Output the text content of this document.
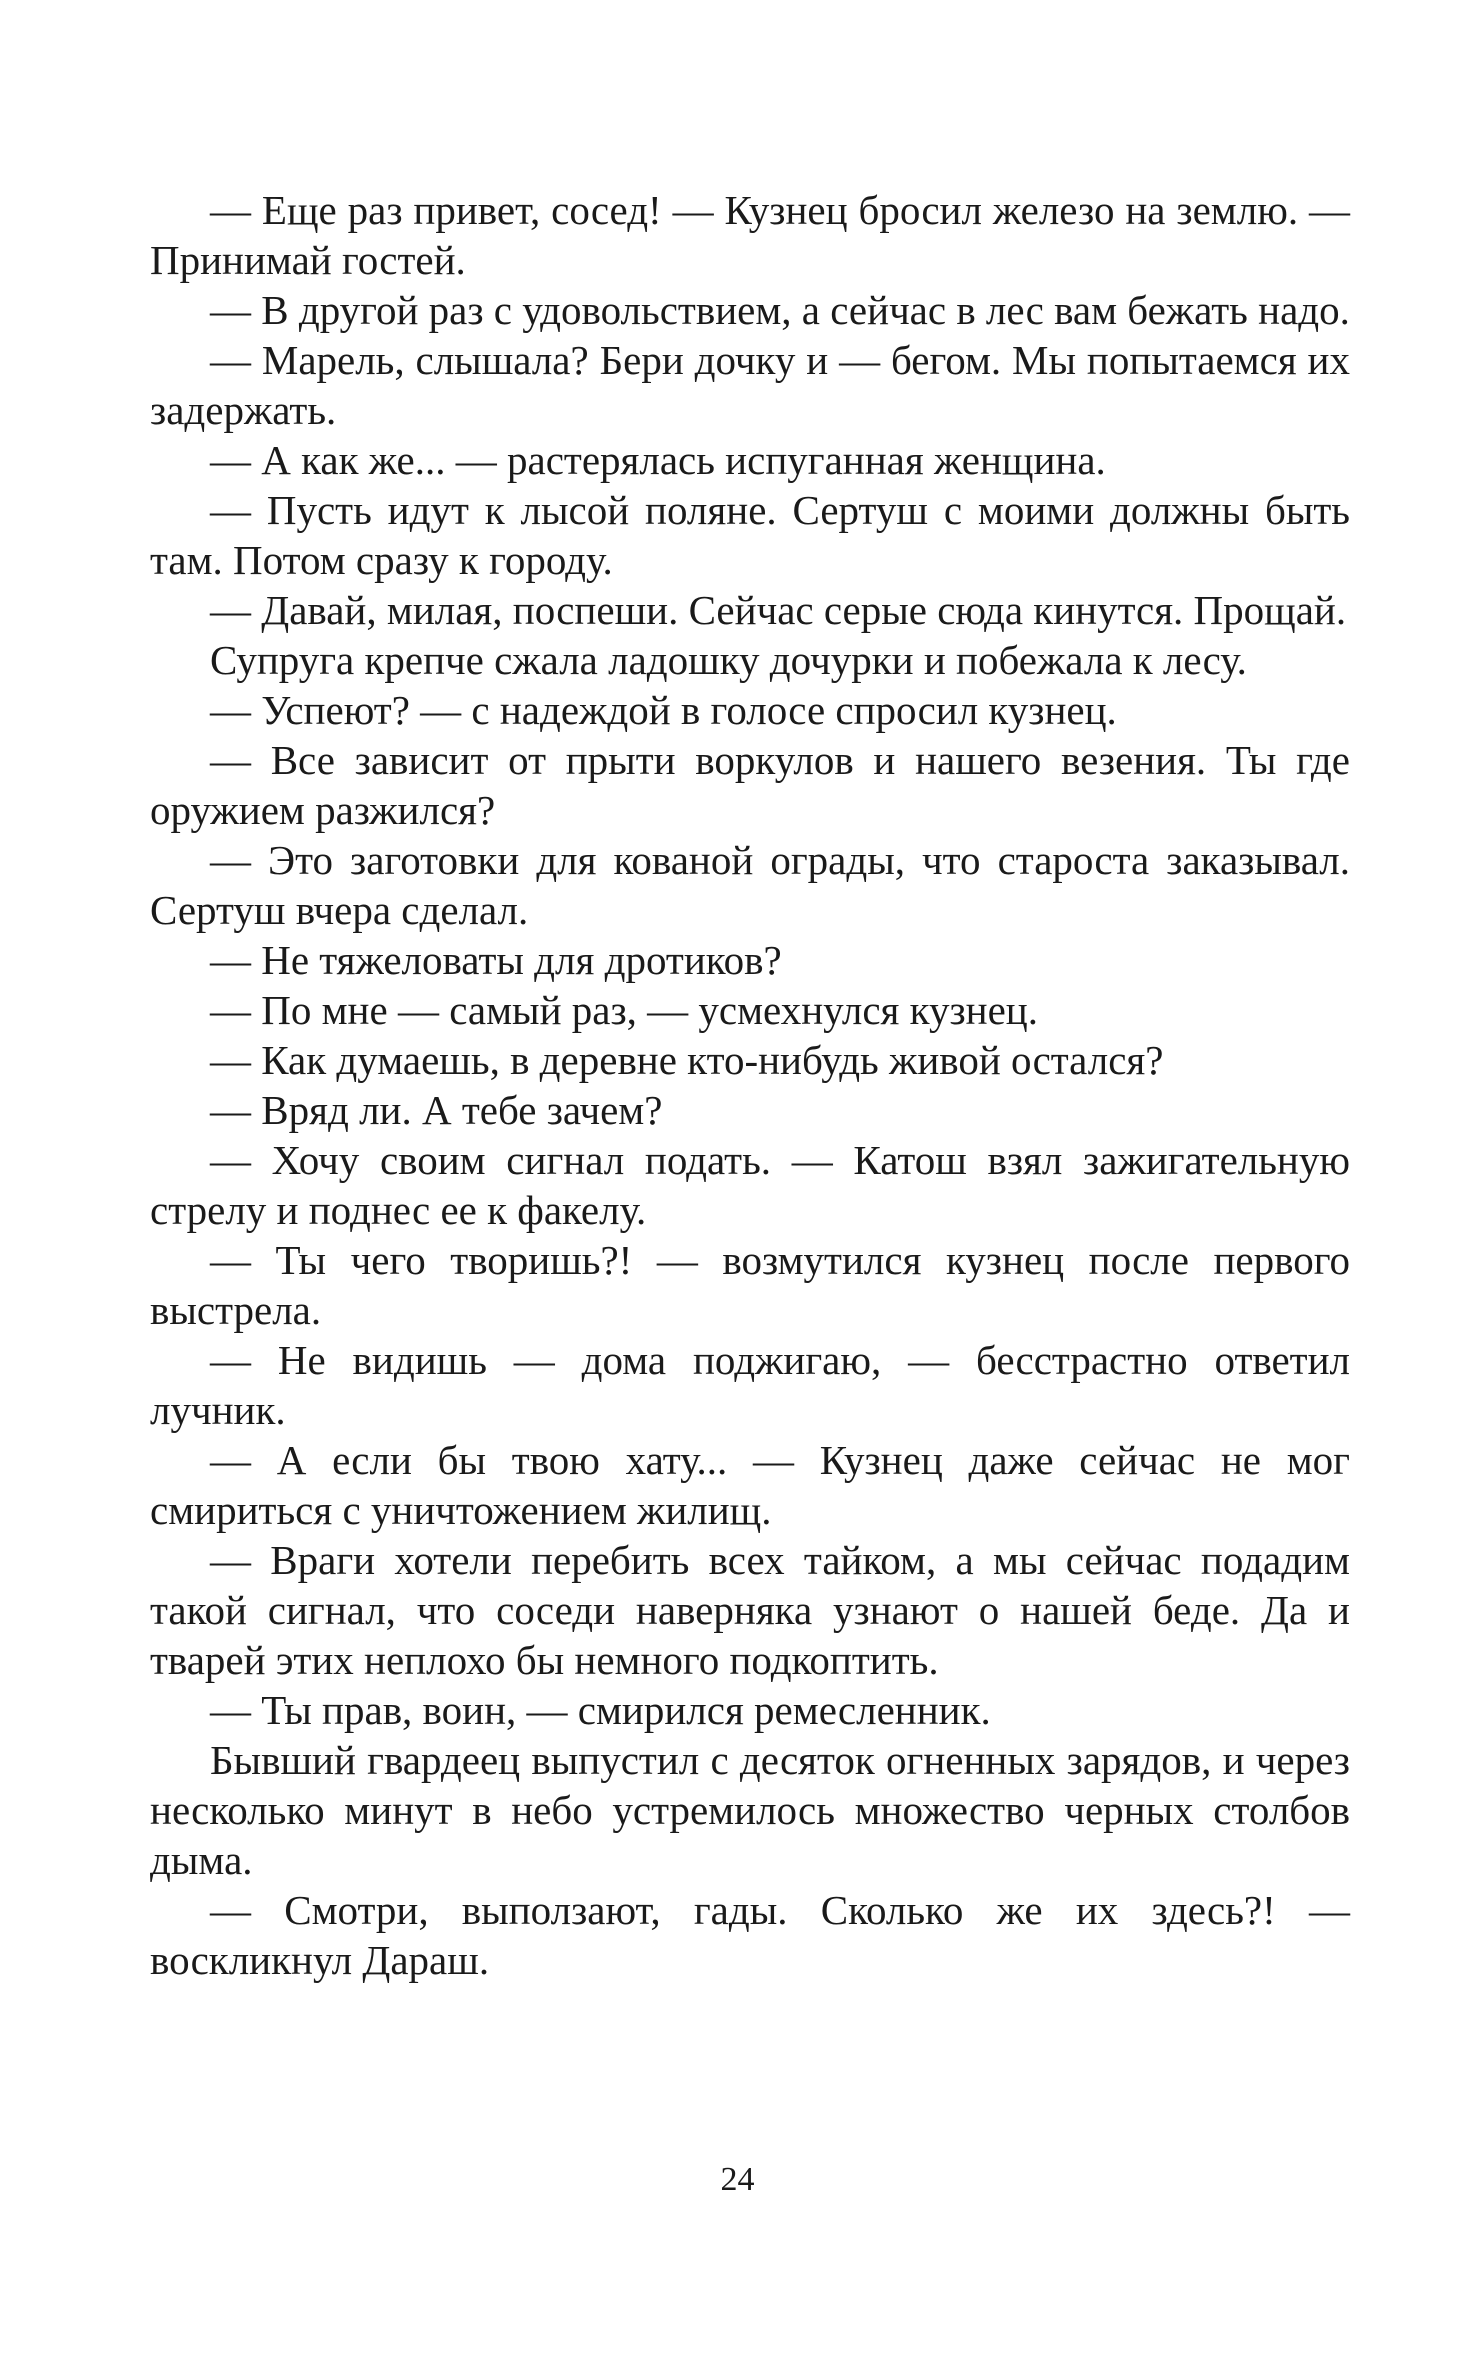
— Еще раз привет, сосед! — Кузнец бросил железо на землю. — Принимай гостей.

— В другой раз с удовольствием, а сейчас в лес вам бежать надо.

— Марель, слышала? Бери дочку и — бегом. Мы попытаемся их задержать.

— А как же... — растерялась испуганная женщина.

— Пусть идут к лысой поляне. Сертуш с моими должны быть там. Потом сразу к городу.

— Давай, милая, поспеши. Сейчас серые сюда кинутся. Прощай.

Супруга крепче сжала ладошку дочурки и побежала к лесу.

— Успеют? — с надеждой в голосе спросил кузнец.

— Все зависит от прыти воркулов и нашего везения. Ты где оружием разжился?

— Это заготовки для кованой ограды, что староста заказывал. Сертуш вчера сделал.

— Не тяжеловаты для дротиков?

— По мне — самый раз, — усмехнулся кузнец.

— Как думаешь, в деревне кто-нибудь живой остался?

— Вряд ли. А тебе зачем?

— Хочу своим сигнал подать. — Катош взял зажигательную стрелу и поднес ее к факелу.

— Ты чего творишь?! — возмутился кузнец после первого выстрела.

— Не видишь — дома поджигаю, — бесстрастно ответил лучник.

— А если бы твою хату... — Кузнец даже сейчас не мог смириться с уничтожением жилищ.

— Враги хотели перебить всех тайком, а мы сейчас подадим такой сигнал, что соседи наверняка узнают о нашей беде. Да и тварей этих неплохо бы немного подкоптить.

— Ты прав, воин, — смирился ремесленник.

Бывший гвардеец выпустил с десяток огненных зарядов, и через несколько минут в небо устремилось множество черных столбов дыма.

— Смотри, выползают, гады. Сколько же их здесь?! — воскликнул Дараш.

24
